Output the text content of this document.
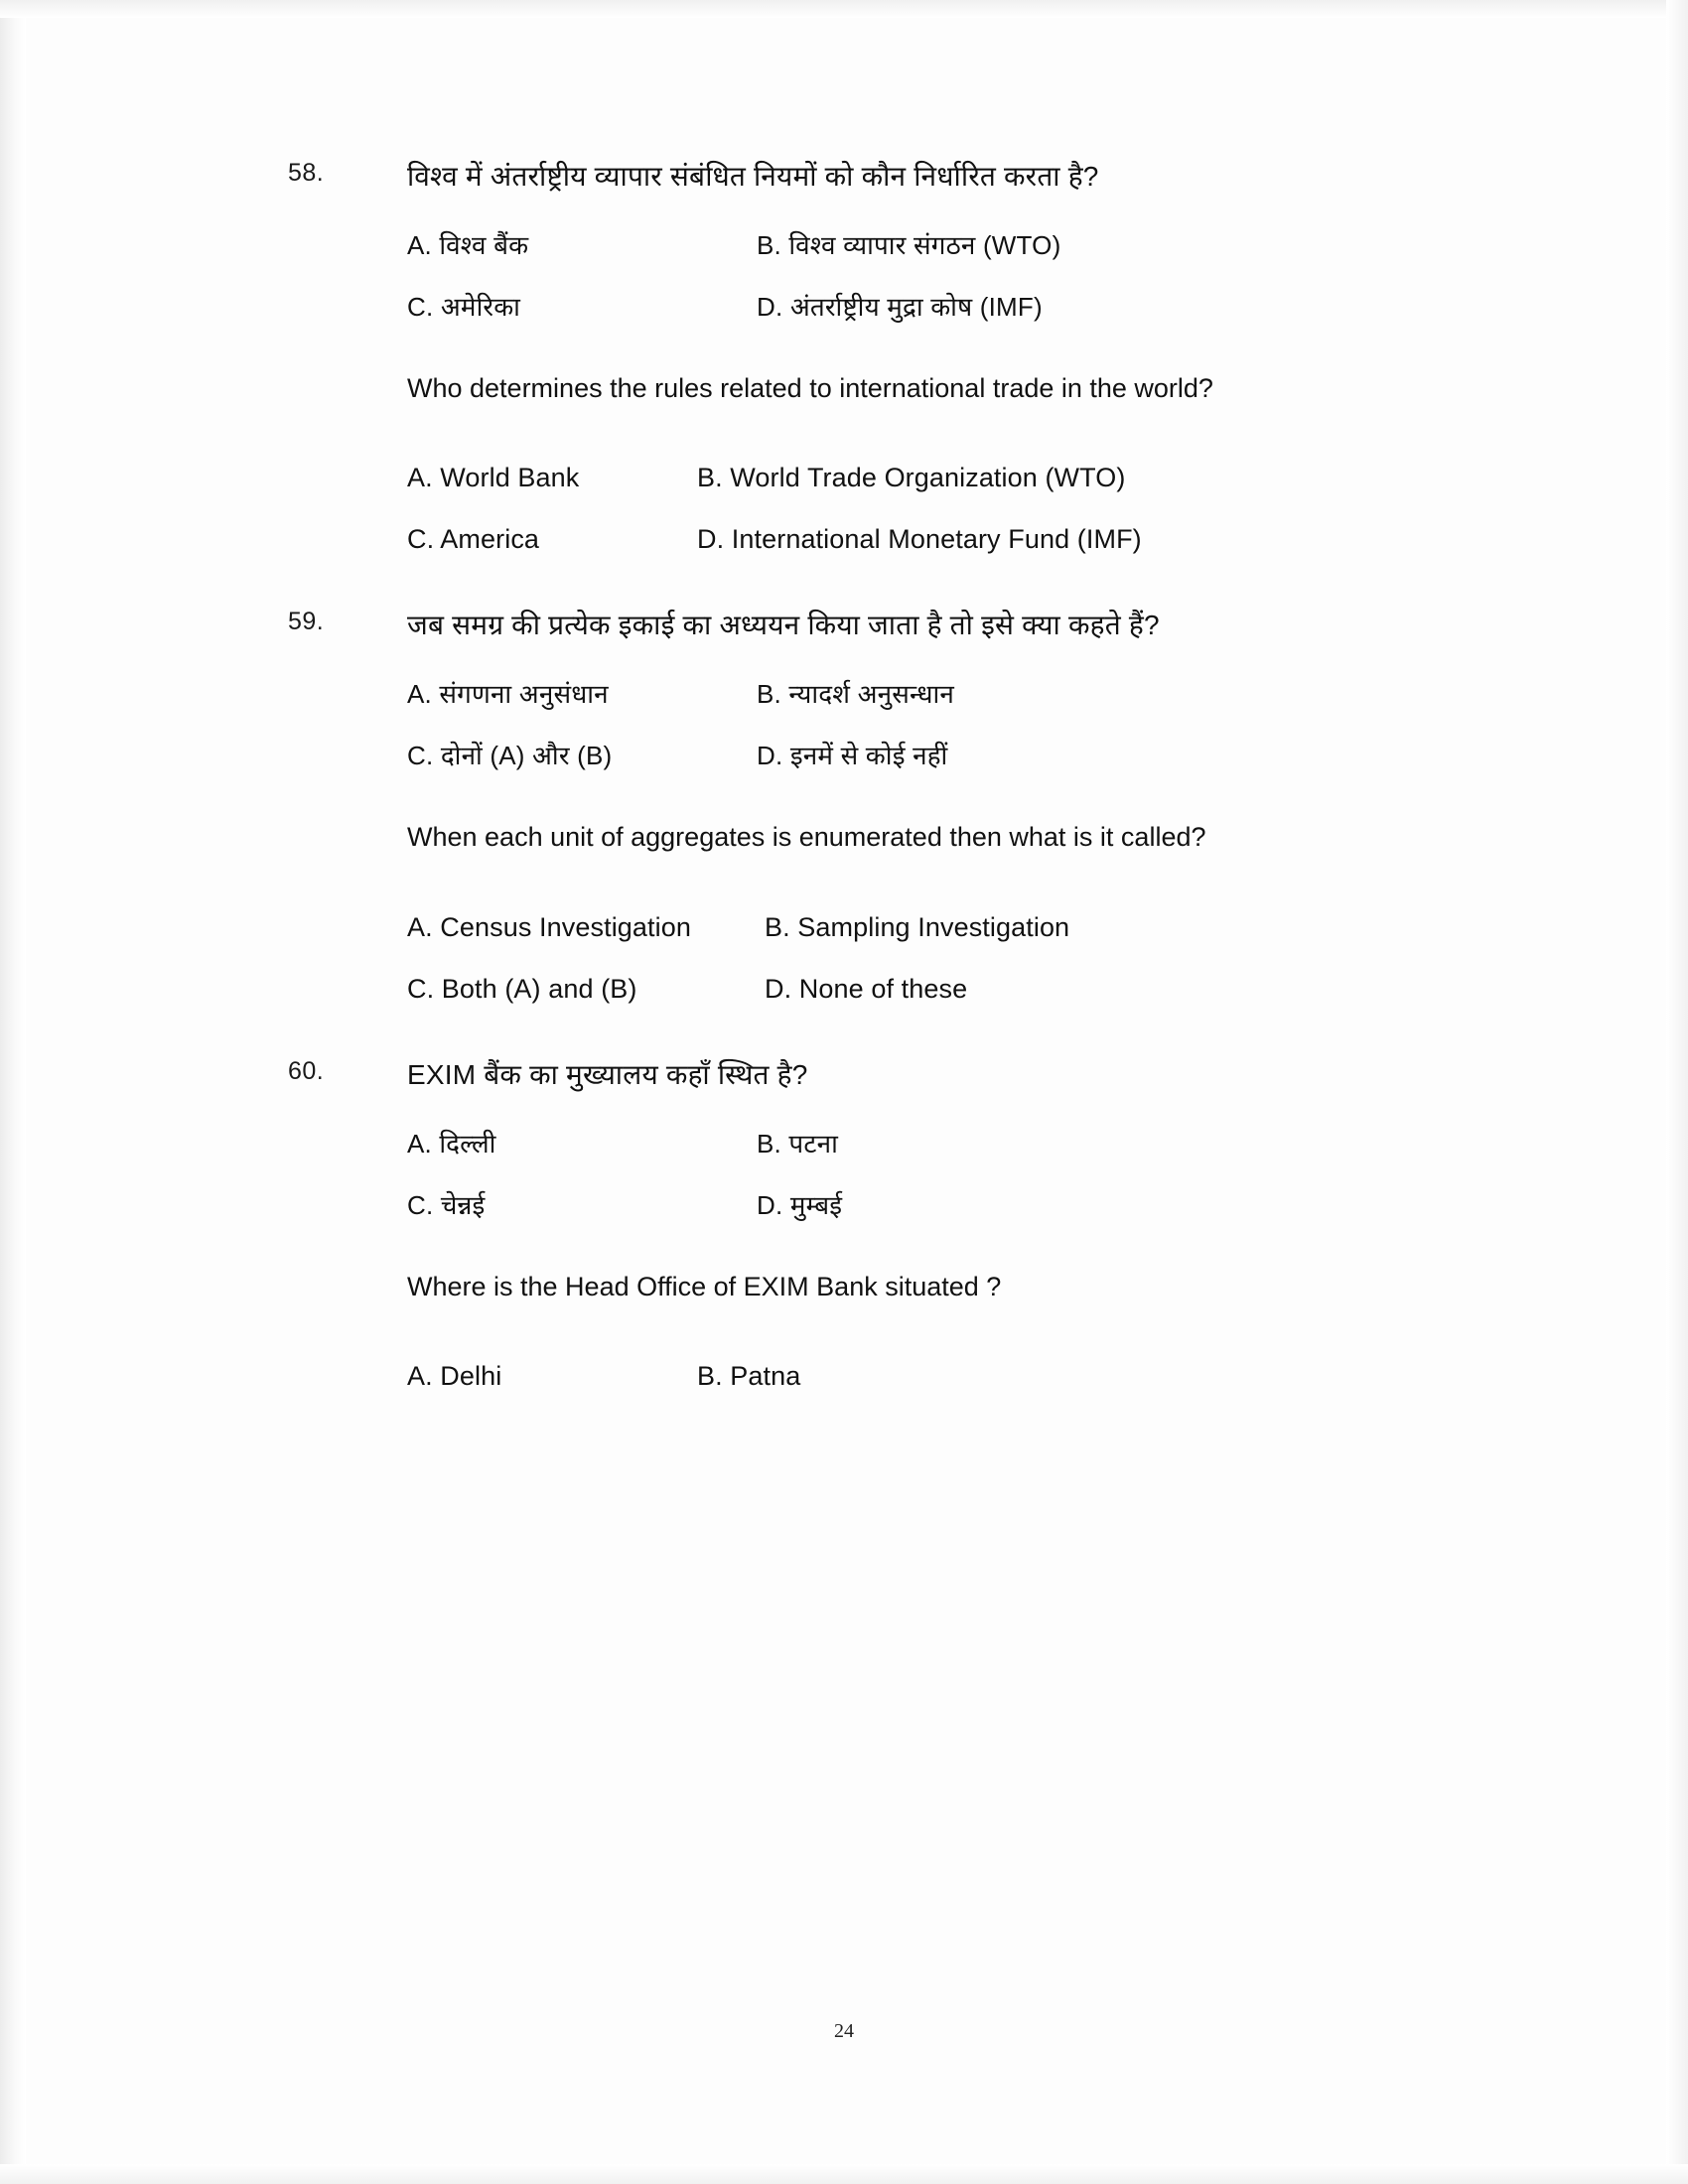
58.	विश्व में अंतर्राष्ट्रीय व्यापार संबंधित नियमों को कौन निर्धारित करता है?
A. विश्व बैंक	B. विश्व व्यापार संगठन (WTO)
C. अमेरिका	D. अंतर्राष्ट्रीय मुद्रा कोष (IMF)
Who determines the rules related to international trade in the world?
A. World Bank	B. World Trade Organization (WTO)
C. America	D. International Monetary Fund (IMF)
59.	जब समग्र की प्रत्येक इकाई का अध्ययन किया जाता है तो इसे क्या कहते हैं?
A. संगणना अनुसंधान	B. न्यादर्श अनुसन्धान
C. दोनों (A) और (B)	D. इनमें से कोई नहीं
When each unit of aggregates is enumerated then what is it called?
A. Census Investigation	B. Sampling Investigation
C. Both (A) and (B)	D. None of these
60.	EXIM बैंक का मुख्यालय कहाँ स्थित है?
A. दिल्ली	B. पटना
C. चेन्नई	D. मुम्बई
Where is the Head Office of EXIM Bank situated ?
A. Delhi	B. Patna
24
